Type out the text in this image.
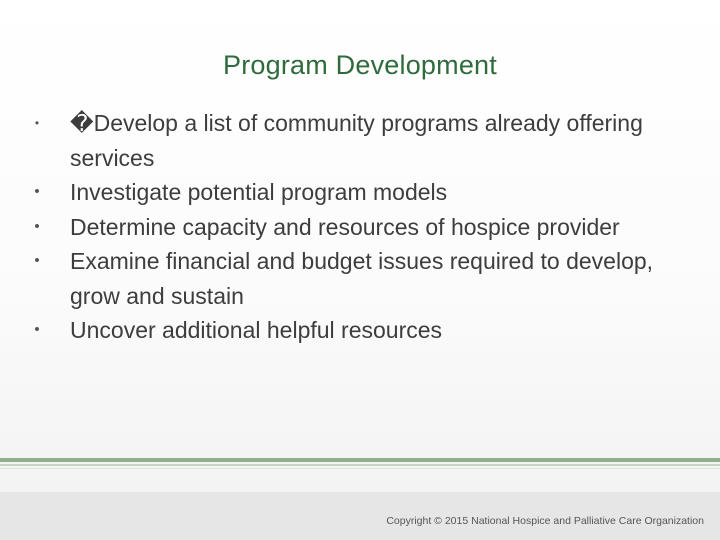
Program Development
• �Develop a list of community programs already offering services
• Investigate potential program models
• Determine capacity and resources of hospice provider
• Examine financial and budget issues required to develop, grow and sustain
• Uncover additional helpful resources
Copyright © 2015 National Hospice and Palliative Care Organization
